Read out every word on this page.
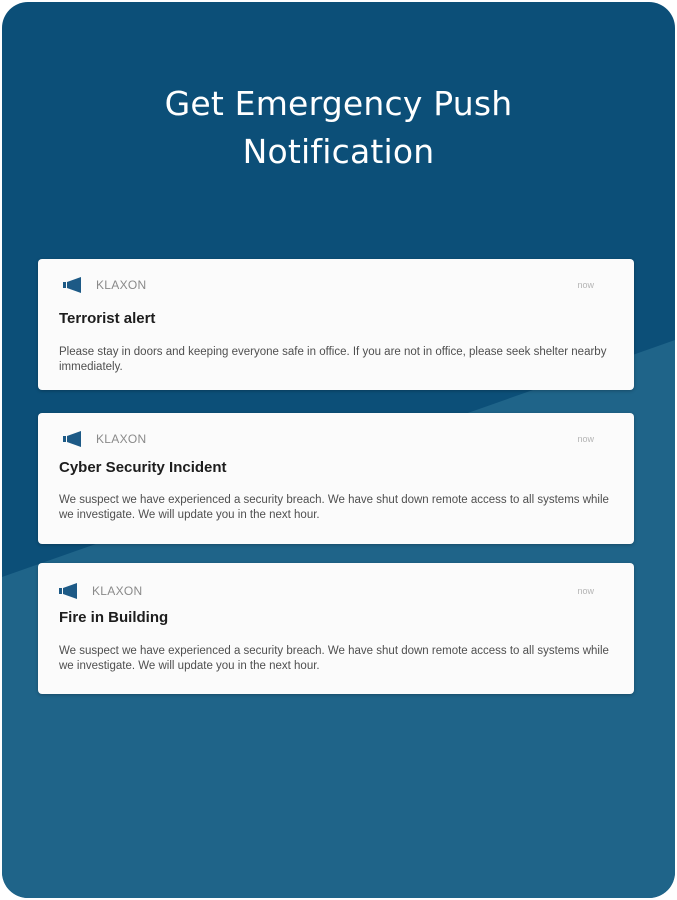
Get Emergency Push
Notification
KLAXON	now
Terrorist alert
Please stay in doors and keeping everyone safe in office. If you are not in office, please seek shelter nearby immediately.
KLAXON	now
Cyber Security Incident
We suspect we have experienced a security breach. We have shut down remote access to all systems while we investigate. We will update you in the next hour.
KLAXON	now
Fire in Building
We suspect we have experienced a security breach. We have shut down remote access to all systems while we investigate. We will update you in the next hour.
